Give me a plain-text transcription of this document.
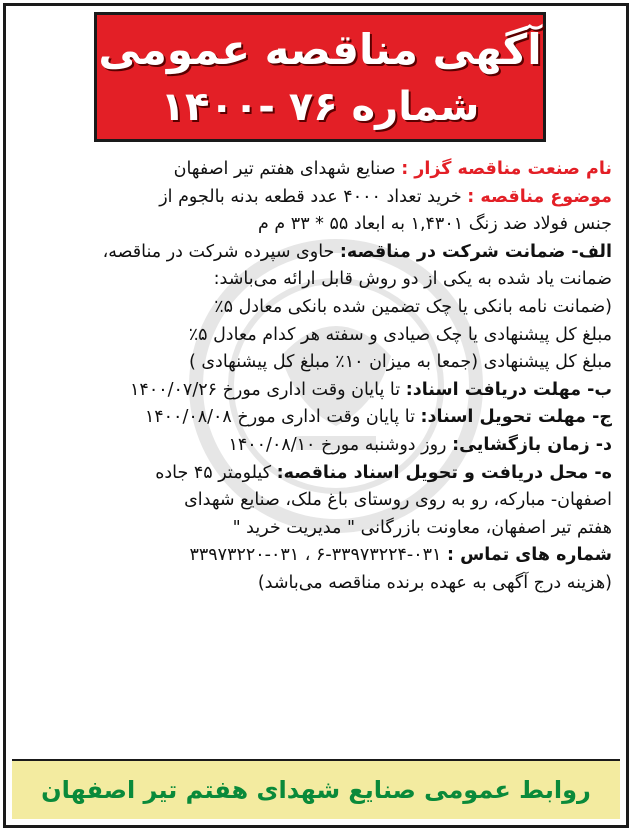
آگهی مناقصه عمومی
شماره ۷۶ -۱۴۰۰
نام صنعت مناقصه گزار : صنایع شهدای هفتم تیر اصفهان
موضوع مناقصه : خرید تعداد ۴۰۰۰ عدد قطعه بدنه بالجوم از
جنس فولاد ضد زنگ ۱,۴۳۰۱ به ابعاد ۵۵ * ۳۳ م م
الف- ضمانت شرکت در مناقصه: حاوی سپرده شرکت در مناقصه،
ضمانت یاد شده به یکی از دو روش قابل ارائه می‌باشد:
(ضمانت نامه بانکی یا چک تضمین شده بانکی معادل ۵٪
مبلغ کل پیشنهادی یا چک صیادی و سفته هر کدام معادل ۵٪
مبلغ کل پیشنهادی (جمعا به میزان ۱۰٪ مبلغ کل پیشنهادی )
ب- مهلت دریافت اسناد: تا پایان وقت اداری مورخ ۱۴۰۰/۰۷/۲۶
ج- مهلت تحویل اسناد: تا پایان وقت اداری مورخ ۱۴۰۰/۰۸/۰۸
د- زمان بازگشایی: روز دوشنبه مورخ ۱۴۰۰/۰۸/۱۰
ه- محل دریافت و تحویل اسناد مناقصه: کیلومتر ۴۵ جاده
اصفهان- مبارکه، رو به روی روستای باغ ملک، صنایع شهدای
هفتم تیر اصفهان، معاونت بازرگانی " مدیریت خرید "
شماره های تماس : ۰۳۱-۳۳۹۷۳۲۲۴-۶ ، ۰۳۱-۳۳۹۷۳۲۲۰
(هزینه درج آگهی به عهده برنده مناقصه می‌باشد)
روابط عمومی صنایع شهدای هفتم تیر اصفهان
